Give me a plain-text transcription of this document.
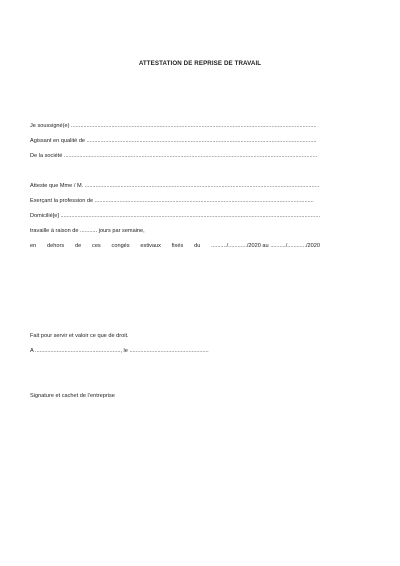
ATTESTATION DE REPRISE DE TRAVAIL
Je soussigné(e) ..............................................................................................................................................................
Agissant en qualité de ....................................................................................................................................................
De la société ...................................................................................................................................................................
Atteste que Mme / M. .......................................................................................................................................................
Exerçant la profession de .............................................................................................................................................
Domicilié[e] .......................................................................................................................................................................
travaille à raison de ........... jours par semaine,
en dehors de ces congés estivaux fixés du ........../............/2020 au ........../............/2020
Fait pour servir et valoir ce que de droit.
A ......................................................., le ...................................................
Signature et cachet de l’entreprise
